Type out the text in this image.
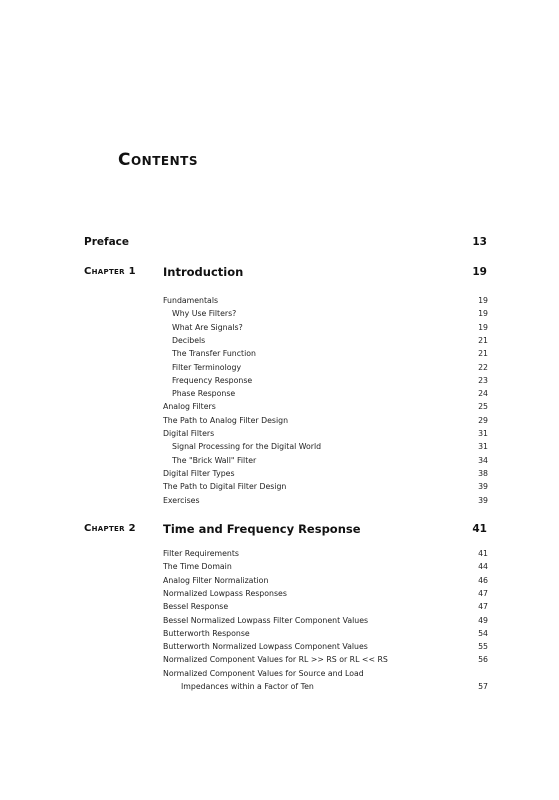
Contents
Preface	13
Chapter 1 Introduction	19
Fundamentals	19
Why Use Filters?	19
What Are Signals?	19
Decibels	21
The Transfer Function	21
Filter Terminology	22
Frequency Response	23
Phase Response	24
Analog Filters	25
The Path to Analog Filter Design	29
Digital Filters	31
Signal Processing for the Digital World	31
The "Brick Wall" Filter	34
Digital Filter Types	38
The Path to Digital Filter Design	39
Exercises	39
Chapter 2 Time and Frequency Response	41
Filter Requirements	41
The Time Domain	44
Analog Filter Normalization	46
Normalized Lowpass Responses	47
Bessel Response	47
Bessel Normalized Lowpass Filter Component Values	49
Butterworth Response	54
Butterworth Normalized Lowpass Component Values	55
Normalized Component Values for RL >> RS or RL << RS	56
Normalized Component Values for Source and Load
Impedances within a Factor of Ten	57
